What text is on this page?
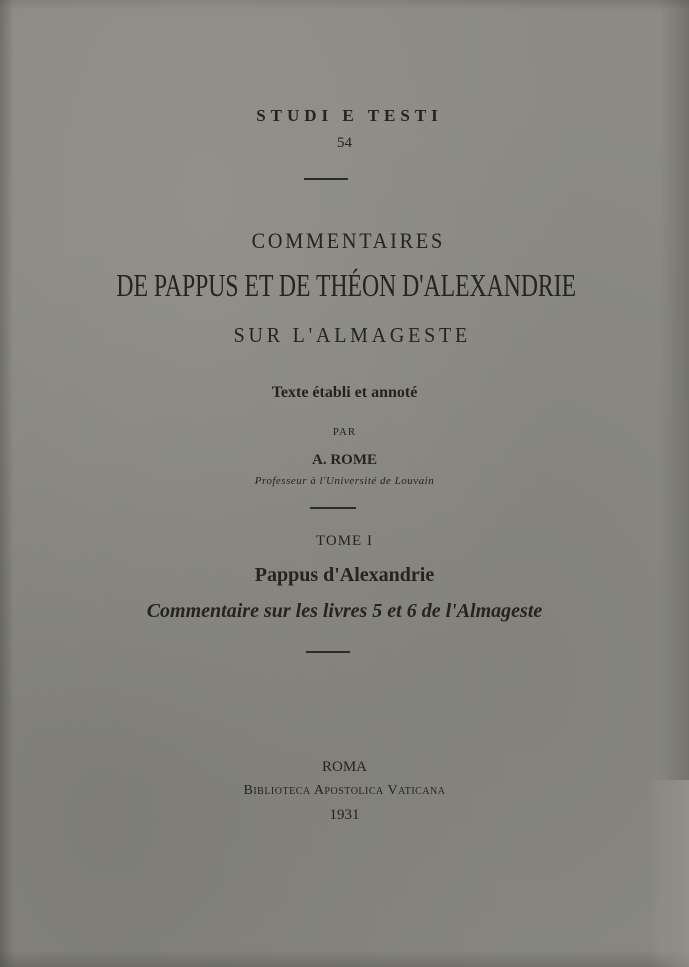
STUDI E TESTI
54
COMMENTAIRES
DE PAPPUS ET DE THÉON D'ALEXANDRIE
SUR L'ALMAGESTE
Texte établi et annoté
PAR
A. ROME
Professeur à l'Université de Louvain
TOME I
Pappus d'Alexandrie
Commentaire sur les livres 5 et 6 de l'Almageste
ROMA
Biblioteca Apostolica Vaticana
1931
